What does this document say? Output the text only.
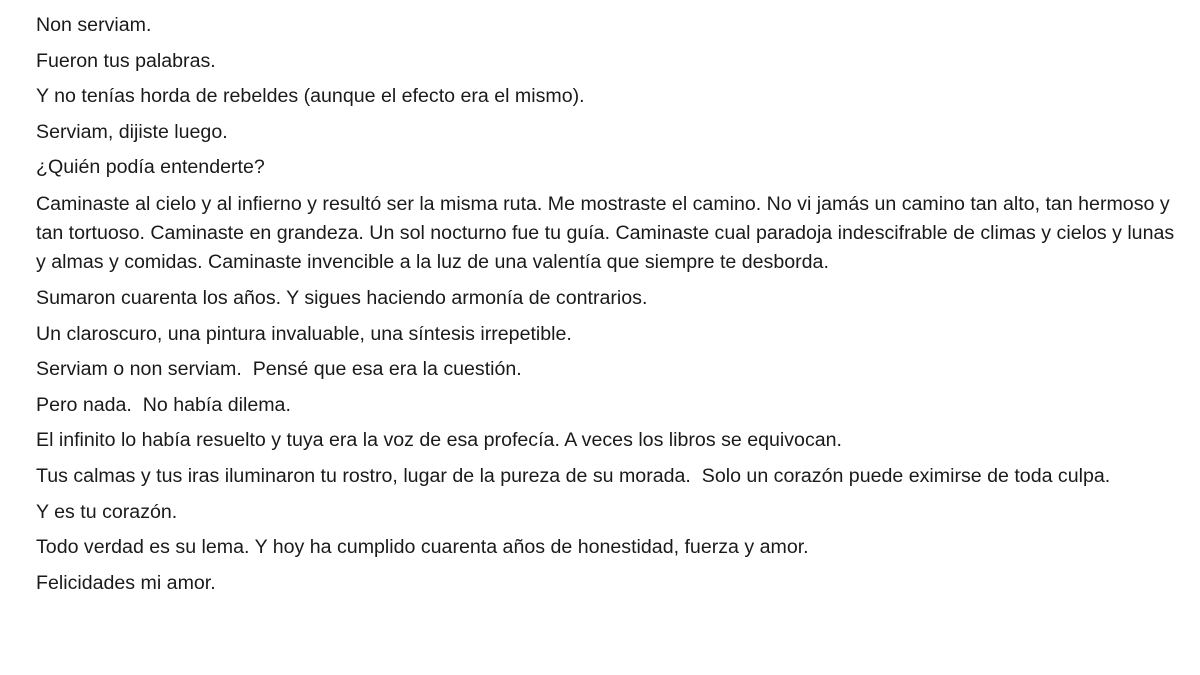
Non serviam.

Fueron tus palabras.

Y no tenías horda de rebeldes (aunque el efecto era el mismo).

Serviam, dijiste luego.

¿Quién podía entenderte?

Caminaste al cielo y al infierno y resultó ser la misma ruta. Me mostraste el camino. No vi jamás un camino tan alto, tan hermoso y tan tortuoso. Caminaste en grandeza. Un sol nocturno fue tu guía. Caminaste cual paradoja indescifrable de climas y cielos y lunas y almas y comidas. Caminaste invencible a la luz de una valentía que siempre te desborda.

Sumaron cuarenta los años. Y sigues haciendo armonía de contrarios.

Un claroscuro, una pintura invaluable, una síntesis irrepetible.

Serviam o non serviam.  Pensé que esa era la cuestión.

Pero nada.  No había dilema.

El infinito lo había resuelto y tuya era la voz de esa profecía. A veces los libros se equivocan.

Tus calmas y tus iras iluminaron tu rostro, lugar de la pureza de su morada.  Solo un corazón puede eximirse de toda culpa.

Y es tu corazón.

Todo verdad es su lema. Y hoy ha cumplido cuarenta años de honestidad, fuerza y amor.

Felicidades mi amor.
